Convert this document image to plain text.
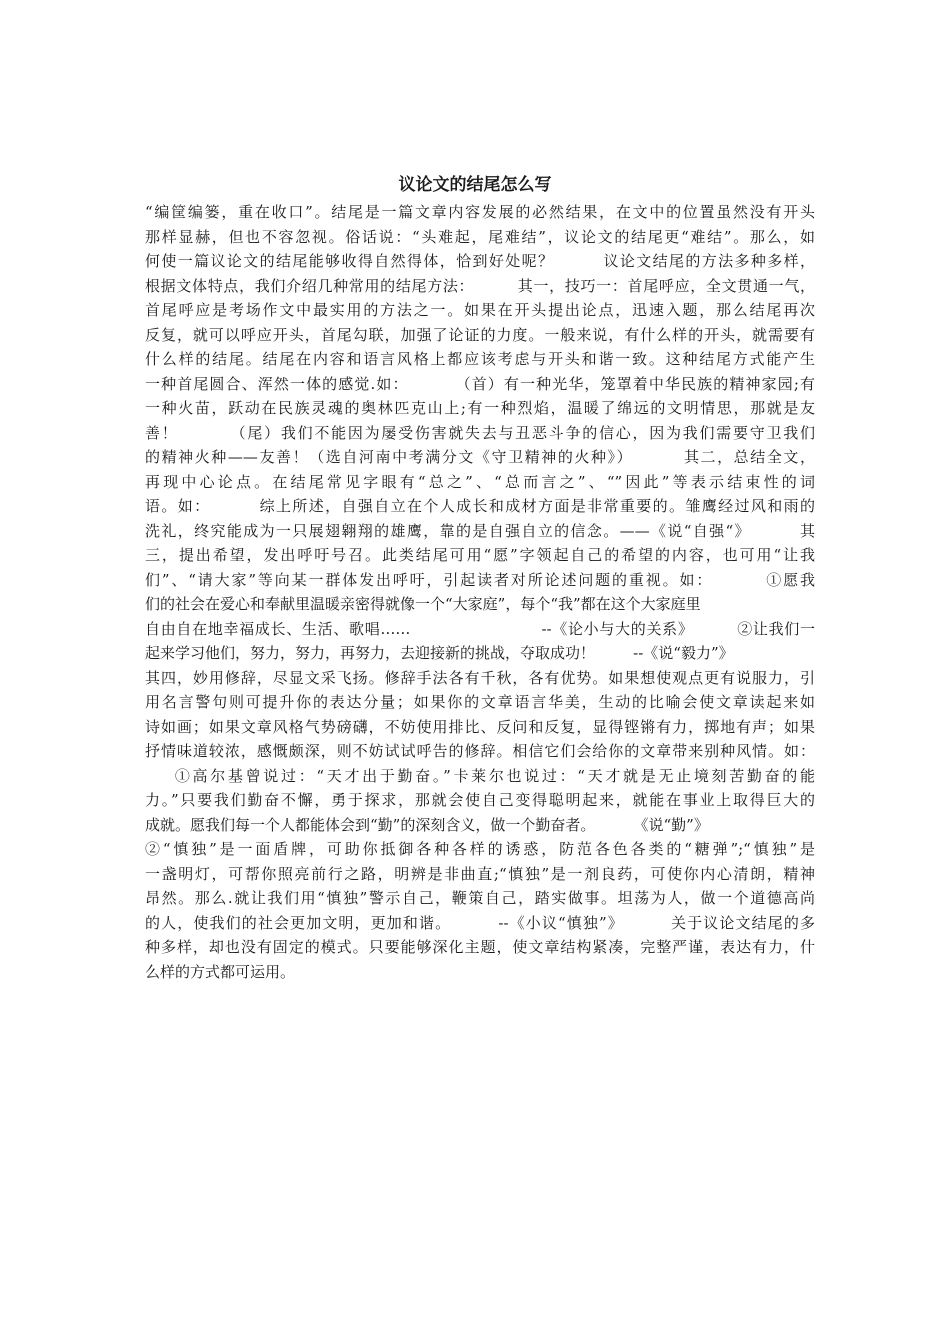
议论文的结尾怎么写
“编筐编篓，重在收口”。结尾是一篇文章内容发展的必然结果，在文中的位置虽然没有开头
那样显赫，但也不容忽视。俗话说：“头难起，尾难结”，议论文的结尾更“难结”。那么，如
何使一篇议论文的结尾能够收得自然得体，恰到好处呢？        议论文结尾的方法多种多样，
根据文体特点，我们介绍几种常用的结尾方法：        其一，技巧一：首尾呼应，全文贯通一气，
首尾呼应是考场作文中最实用的方法之一。如果在开头提出论点，迅速入题，那么结尾再次
反复，就可以呼应开头，首尾勾联，加强了论证的力度。一般来说，有什么样的开头，就需要有
什么样的结尾。结尾在内容和语言风格上都应该考虑与开头和谐一致。这种结尾方式能产生
一种首尾圆合、浑然一体的感觉.如：        （首）有一种光华，笼罩着中华民族的精神家园;有
一种火苗，跃动在民族灵魂的奥林匹克山上;有一种烈焰，温暖了绵远的文明情思，那就是友
善！        （尾）我们不能因为屡受伤害就失去与丑恶斗争的信心，因为我们需要守卫我们
的精神火种——友善！（选自河南中考满分文《守卫精神的火种》）        其二，总结全文，
再现中心论点。在结尾常见字眼有“总之”、“总而言之”、“”因此”等表示结束性的词
语。如：        综上所述，自强自立在个人成长和成材方面是非常重要的。雏鹰经过风和雨的
洗礼，终究能成为一只展翅翱翔的雄鹰，靠的是自强自立的信念。——《说“自强“》        其
三，提出希望，发出呼吁号召。此类结尾可用“愿”字领起自己的希望的内容，也可用“让我
们”、“请大家”等向某一群体发出呼吁，引起读者对所论述问题的重视。如：        ①愿我
们的社会在爱心和奉献里温暖亲密得就像一个“大家庭”，每个“我”都在这个大家庭里
自由自在地幸福成长、生活、歌唱……                        --《论小与大的关系》        ②让我们一
起来学习他们，努力，努力，再努力，去迎接新的挑战，夺取成功！        --《说“毅力”》
其四，妙用修辞，尽显文采飞扬。修辞手法各有千秋，各有优势。如果想使观点更有说服力，引
用名言警句则可提升你的表达分量；如果你的文章语言华美，生动的比喻会使文章读起来如
诗如画；如果文章风格气势磅礴，不妨使用排比、反问和反复，显得铿锵有力，掷地有声；如果
抒情味道较浓，感慨颇深，则不妨试试呼告的修辞。相信它们会给你的文章带来别种风情。如：
①高尔基曾说过：“天才出于勤奋。”卡莱尔也说过：“天才就是无止境刻苦勤奋的能
力。”只要我们勤奋不懈，勇于探求，那就会使自己变得聪明起来，就能在事业上取得巨大的
成就。愿我们每一个人都能体会到“勤”的深刻含义，做一个勤奋者。        《说“勤”》
②“慎独”是一面盾牌，可助你抵御各种各样的诱惑，防范各色各类的“糖弹”;“慎独”是
一盏明灯，可帮你照亮前行之路，明辨是非曲直;“慎独”是一剂良药，可使你内心清朗，精神
昂然。那么.就让我们用“慎独”警示自己，鞭策自己，踏实做事。坦荡为人，做一个道德高尚
的人，使我们的社会更加文明，更加和谐。        --《小议“慎独”》        关于议论文结尾的多
种多样，却也没有固定的模式。只要能够深化主题，使文章结构紧凑，完整严谨，表达有力，什
么样的方式都可运用。
